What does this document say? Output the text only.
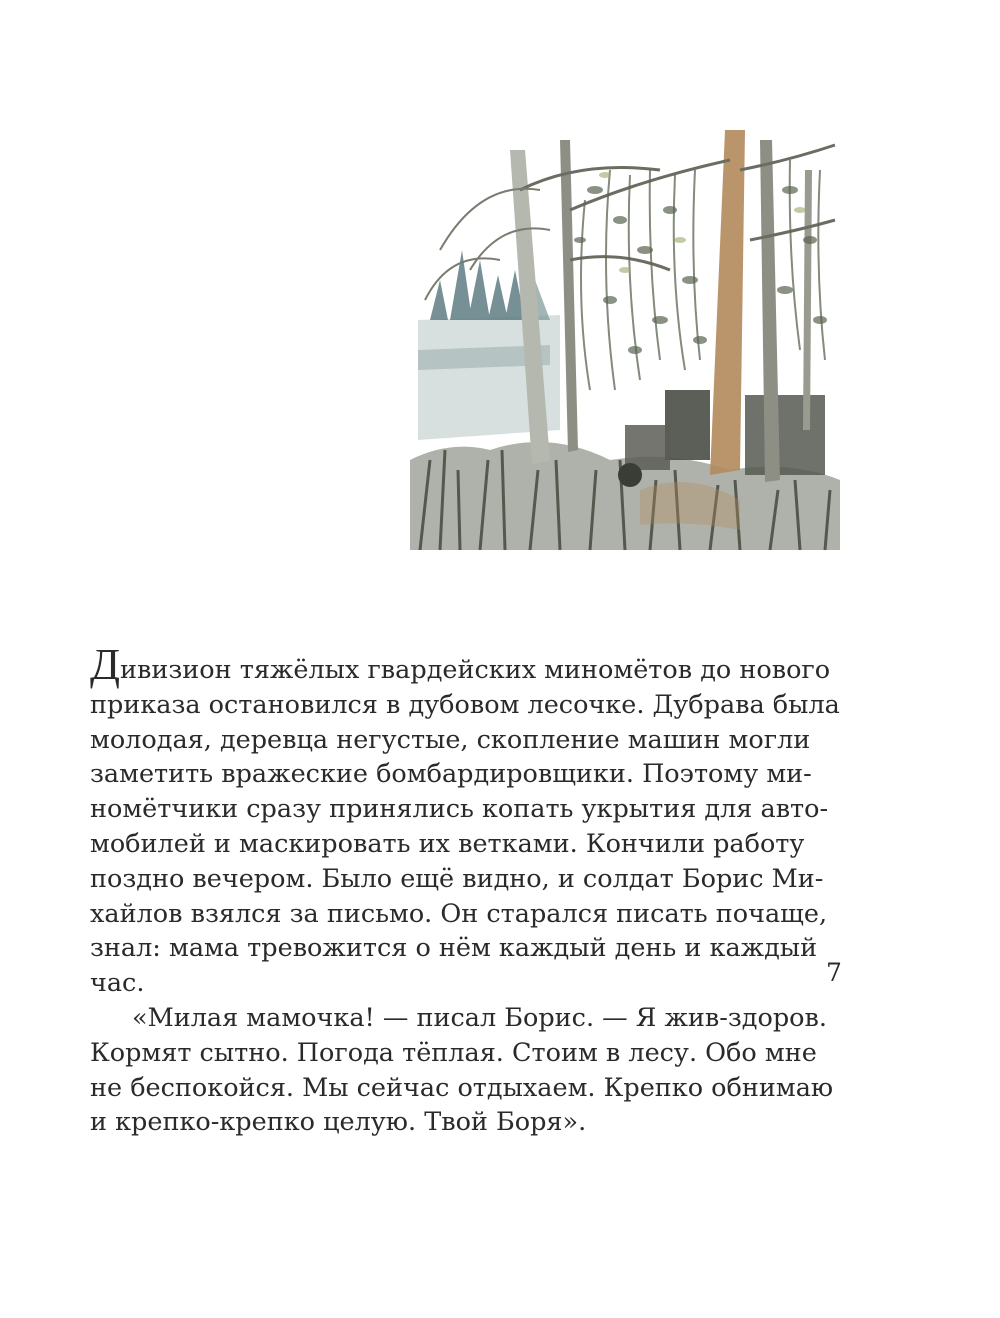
Дивизион тяжёлых гвардейских миномётов до нового
приказа остановился в дубовом лесочке. Дубрава была
молодая, деревца негустые, скопление машин могли
заметить вражеские бомбардировщики. Поэтому ми-
номётчики сразу принялись копать укрытия для авто-
мобилей и маскировать их ветками. Кончили работу
поздно вечером. Было ещё видно, и солдат Борис Ми-
хайлов взялся за письмо. Он старался писать почаще,
знал: мама тревожится о нём каждый день и каждый
час.

«Милая мамочка! — писал Борис. — Я жив-здоров.
Кормят сытно. Погода тёплая. Стоим в лесу. Обо мне
не беспокойся. Мы сейчас отдыхаем. Крепко обнимаю
и крепко-крепко целую. Твой Боря».

7
